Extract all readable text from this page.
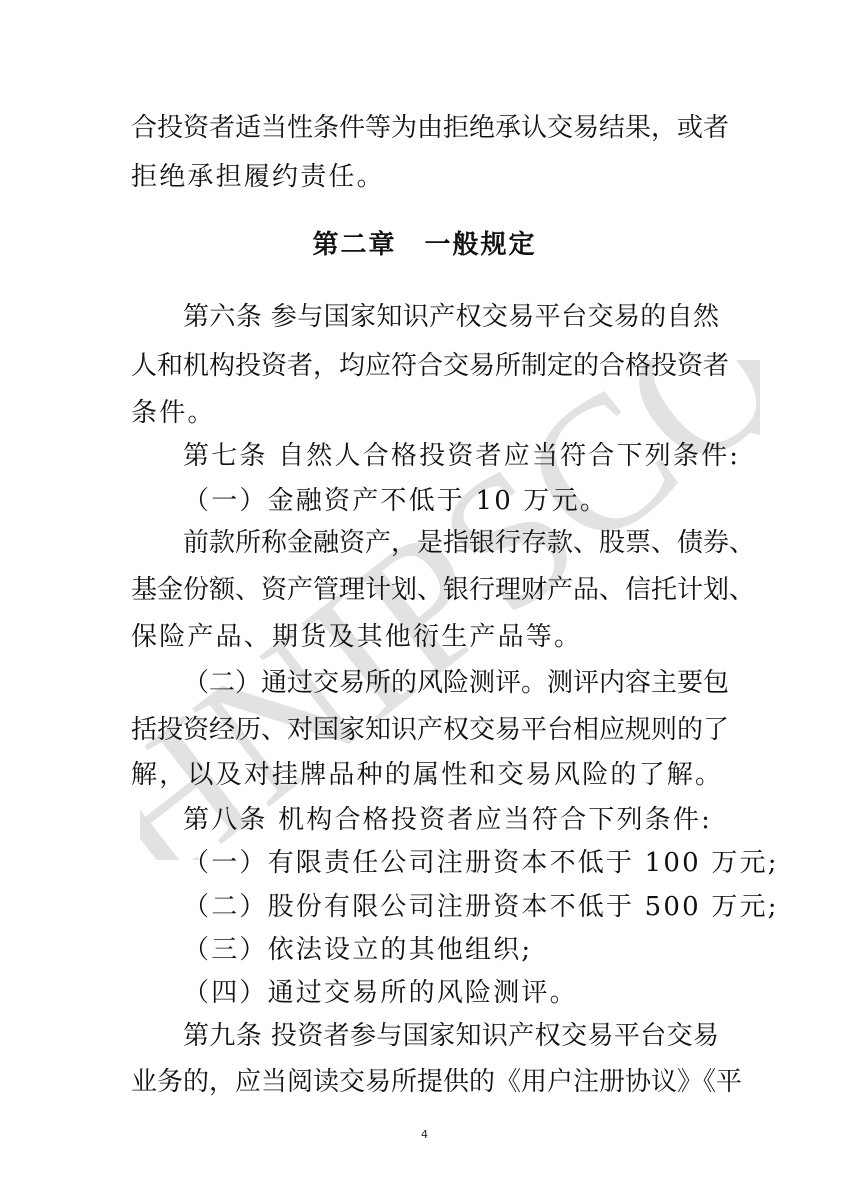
HNIPSCQ
合投资者适当性条件等为由拒绝承认交易结果，或者
拒绝承担履约责任。
第二章　一般规定
第六条 参与国家知识产权交易平台交易的自然
人和机构投资者，均应符合交易所制定的合格投资者
条件。
第七条 自然人合格投资者应当符合下列条件:
（一）金融资产不低于 10 万元。
前款所称金融资产，是指银行存款、股票、债券、
基金份额、资产管理计划、银行理财产品、信托计划、
保险产品、期货及其他衍生产品等。
（二）通过交易所的风险测评。测评内容主要包
括投资经历、对国家知识产权交易平台相应规则的了
解，以及对挂牌品种的属性和交易风险的了解。
第八条 机构合格投资者应当符合下列条件:
（一）有限责任公司注册资本不低于 100 万元;
（二）股份有限公司注册资本不低于 500 万元;
（三）依法设立的其他组织;
（四）通过交易所的风险测评。
第九条 投资者参与国家知识产权交易平台交易
业务的，应当阅读交易所提供的《用户注册协议》《平
4
